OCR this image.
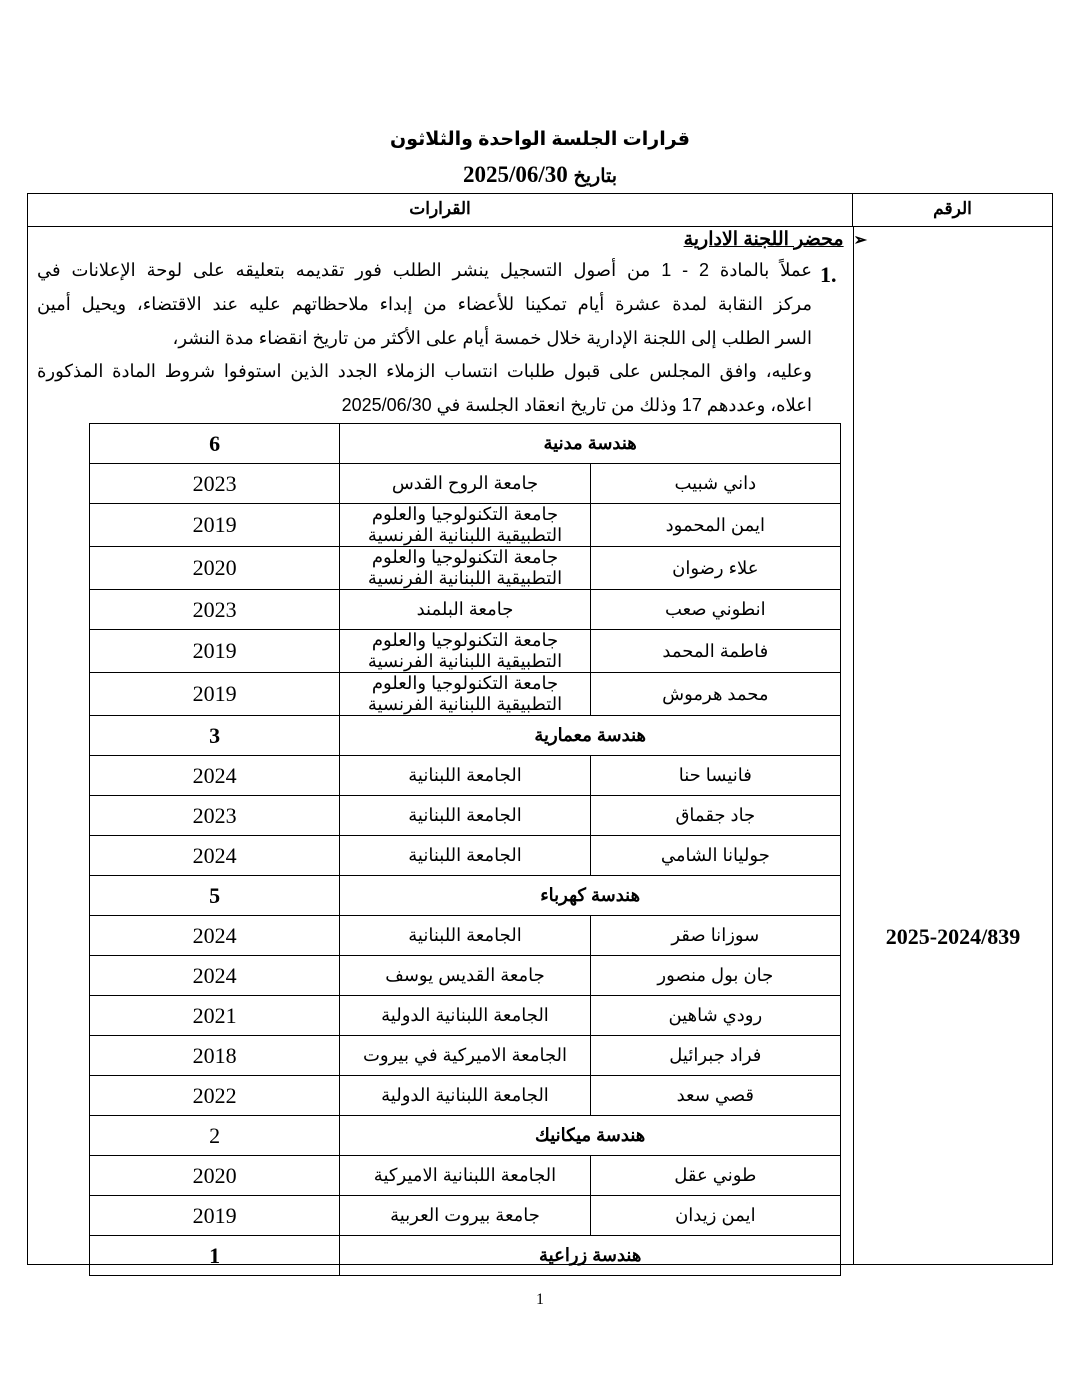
قرارات الجلسة الواحدة والثلاثون
بتاريخ 2025/06/30
القرارات	الرقم
2025-2024/839
➢محضر اللجنة الادارية
1.
عملاً بالمادة 2 - 1 من أصول التسجيل ينشر الطلب فور تقديمه بتعليقه على لوحة الإعلانات في
مركز النقابة لمدة عشرة أيام تمكينا للأعضاء من إبداء ملاحظاتهم عليه عند الاقتضاء، ويحيل أمين
السر الطلب إلى اللجنة الإدارية خلال خمسة أيام على الأكثر من تاريخ انقضاء مدة النشر،
وعليه، وافق المجلس على قبول طلبات انتساب الزملاء الجدد الذين استوفوا شروط المادة المذكورة
اعلاه، وعددهم 17 وذلك من تاريخ انعقاد الجلسة في 2025/06/30
6	هندسة مدنية	
2023	جامعة الروح القدس	داني شبيب
2019	جامعة التكنولوجيا والعلوم التطبيقية اللبنانية الفرنسية	ايمن المحمود
2020	جامعة التكنولوجيا والعلوم التطبيقية اللبنانية الفرنسية	علاء رضوان
2023	جامعة البلمند	انطوني صعب
2019	جامعة التكنولوجيا والعلوم التطبيقية اللبنانية الفرنسية	فاطمة المحمد
2019	جامعة التكنولوجيا والعلوم التطبيقية اللبنانية الفرنسية	محمد هرموش
3	هندسة معمارية	
2024	الجامعة اللبنانية	فانيسا حنا
2023	الجامعة اللبنانية	جاد جقماق
2024	الجامعة اللبنانية	جوليانا الشامي
5	هندسة كهرباء	
2024	الجامعة اللبنانية	سوزانا صقر
2024	جامعة القديس يوسف	جان بول منصور
2021	الجامعة اللبنانية الدولية	رودي شاهين
2018	الجامعة الاميركية في بيروت	فراد جبرائيل
2022	الجامعة اللبنانية الدولية	قصي سعد
2	هندسة ميكانيك	
2020	الجامعة اللبنانية الاميركية	طوني عقل
2019	جامعة بيروت العربية	ايمن زيدان
1	هندسة زراعية	
1
